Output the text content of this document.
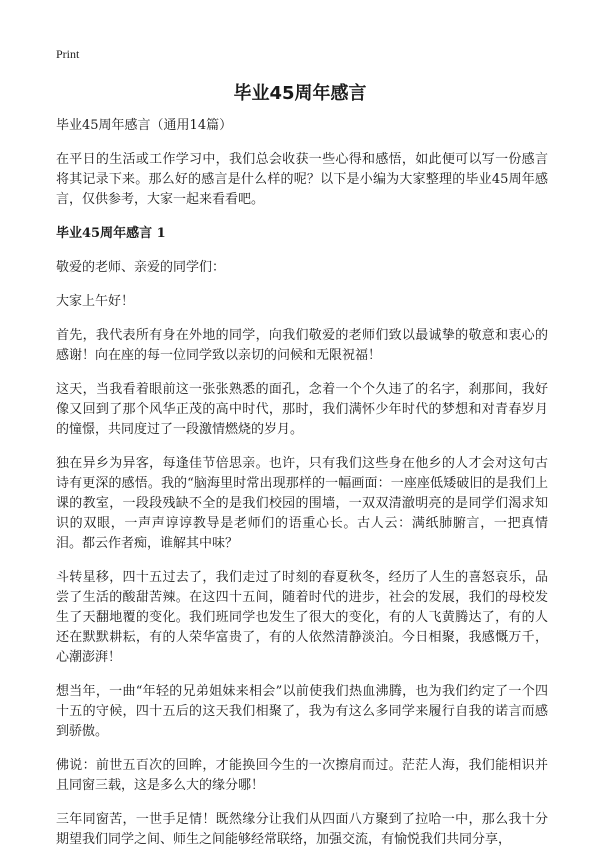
Print
毕业45周年感言

毕业45周年感言（通用14篇）

在平日的生活或工作学习中，我们总会收获一些心得和感悟，如此便可以写一份感言将其记录下来。那么好的感言是什么样的呢？以下是小编为大家整理的毕业45周年感言，仅供参考，大家一起来看看吧。

毕业45周年感言 1

敬爱的老师、亲爱的同学们：

大家上午好！

首先，我代表所有身在外地的同学，向我们敬爱的老师们致以最诚挚的敬意和衷心的感谢！向在座的每一位同学致以亲切的问候和无限祝福！

这天，当我看着眼前这一张张熟悉的面孔，念着一个个久违了的名字，刹那间，我好像又回到了那个风华正茂的高中时代，那时，我们满怀少年时代的梦想和对青春岁月的憧憬，共同度过了一段激情燃烧的岁月。

独在异乡为异客，每逢佳节倍思亲。也许，只有我们这些身在他乡的人才会对这句古诗有更深的感悟。我的“脑海里时常出现那样的一幅画面：一座座低矮破旧的是我们上课的教室，一段段残缺不全的是我们校园的围墙，一双双清澈明亮的是同学们渴求知识的双眼，一声声谆谆教导是老师们的语重心长。古人云：满纸肺腑言，一把真情泪。都云作者痴，谁解其中味？

斗转星移，四十五过去了，我们走过了时刻的春夏秋冬，经历了人生的喜怒哀乐，品尝了生活的酸甜苦辣。在这四十五间，随着时代的进步，社会的发展，我们的母校发生了天翻地覆的变化。我们班同学也发生了很大的变化，有的人飞黄腾达了，有的人还在默默耕耘，有的人荣华富贵了，有的人依然清静淡泊。今日相聚，我感慨万千，心潮澎湃！

想当年，一曲“年轻的兄弟姐妹来相会”以前使我们热血沸腾，也为我们约定了一个四十五的守候，四十五后的这天我们相聚了，我为有这么多同学来履行自我的诺言而感到骄傲。

佛说：前世五百次的回眸，才能换回今生的一次擦肩而过。茫茫人海，我们能相识并且同窗三载，这是多么大的缘分哪！

三年同窗苦，一世手足情！既然缘分让我们从四面八方聚到了拉哈一中，那么我十分期望我们同学之间、师生之间能够经常联络，加强交流，有愉悦我们共同分享，
